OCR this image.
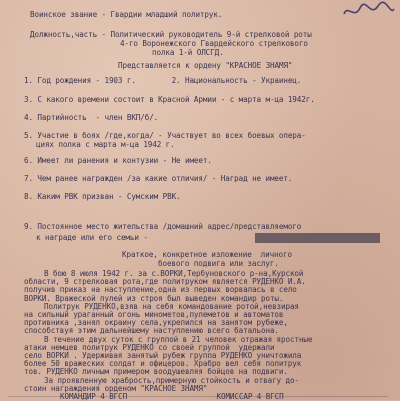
Воинское звание - Гвардии младший политрук.
Должность,часть - Политический руководитель 9-й стрелковой роты
4-го Воронежского Гвардейского стрелкового
полка 1-й ОЛСГД.
Представляется к ордену "КРАСНОЕ ЗНАМЯ"
1. Год рождения - 1903 г.        2. Национальность - Украинец.
3. С какого времени состоит в Красной Армии - с марта м-ца 1942г.
4. Партийность  - член ВКП/б/.
5. Участие в боях /где,когда/ - Участвует во всех боевых опера-
циях полка с марта м-ца 1942 г.
6. Имеет ли ранения и контузии - Не имеет.
7. Чем ранее награжден /за какие отличия/ - Наград не имеет.
8. Каким РВК призван - Сумским РВК.
9. Постоянное место жительства /домашний адрес/представляемого
к награде или его семьи -
Краткое, конкретное изложение  личного
боевого подвига или заслуг.
В бою 8 июля 1942 г. за с.ВОРКИ,Тербуновского р-на,Курской
области, 9 стрелковая рота,где политруком является РУДЕНКО И.А.
получив приказ на наступление,одна из первых ворвалась в село
ВОРКИ. Вражеской пулей из строя был выведен командир роты.
Политрук РУДЕНКО,взяв на себя командование ротой,невзирая
на сильный ураганный огонь минометов,пулеметов и автоматов
противника ,занял окраину села,укрепился на занятом рубеже,
способствуя этим дальнейшему наступлению всего батальона.
В течение двух суток с группой в 21 человек отражая яростные
атаки немцев политрук РУДЕНКО со своей группой  удержали
село ВОРКИ . Удерживая занятый рубеж группа РУДЕНКО уничтожила
более 50 вражеских солдат и офицеров. Храбро вел себя политрук
тов. РУДЕНКО личным примером воодушевляя бойцов на подвиги.
За проявленную храбрость,примерную стойкость и отвагу до-
стоин награждения орденом "КРАСНОЕ ЗНАМЯ"
КОМАНДИР 4 ВГСП                    КОМИССАР 4 ВГСП
